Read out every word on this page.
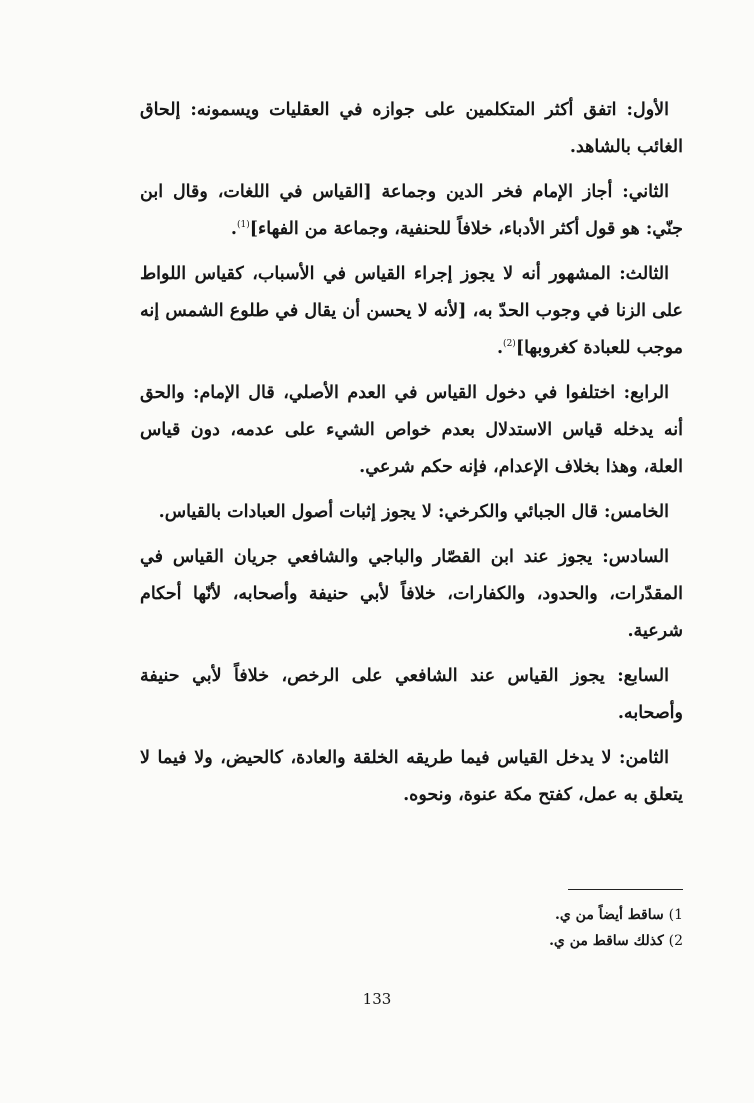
الأول: اتفق أكثر المتكلمين على جوازه في العقليات ويسمونه: إلحاق الغائب بالشاهد.

الثاني: أجاز الإمام فخر الدين وجماعة [القياس في اللغات، وقال ابن جنّي: هو قول أكثر الأدباء، خلافاً للحنفية، وجماعة من الفهاء]$^{(1)}$.

الثالث: المشهور أنه لا يجوز إجراء القياس في الأسباب، كقياس اللواط على الزنا في وجوب الحدّ به، [لأنه لا يحسن أن يقال في طلوع الشمس إنه موجب للعبادة كغروبها]$^{(2)}$.

الرابع: اختلفوا في دخول القياس في العدم الأصلي، قال الإمام: والحق أنه يدخله قياس الاستدلال بعدم خواص الشيء على عدمه، دون قياس العلة، وهذا بخلاف الإعدام، فإنه حكم شرعي.

الخامس: قال الجبائي والكرخي: لا يجوز إثبات أصول العبادات بالقياس.

السادس: يجوز عند ابن القصّار والباجي والشافعي جريان القياس في المقدّرات، والحدود، والكفارات، خلافاً لأبي حنيفة وأصحابه، لأنّها أحكام شرعية.

السابع: يجوز القياس عند الشافعي على الرخص، خلافاً لأبي حنيفة وأصحابه.

الثامن: لا يدخل القياس فيما طريقه الخلقة والعادة، كالحيض، ولا فيما لا يتعلق به عمل، كفتح مكة عنوة، ونحوه.

1) ساقط أيضاً من ي.

2) كذلك ساقط من ي.

133
